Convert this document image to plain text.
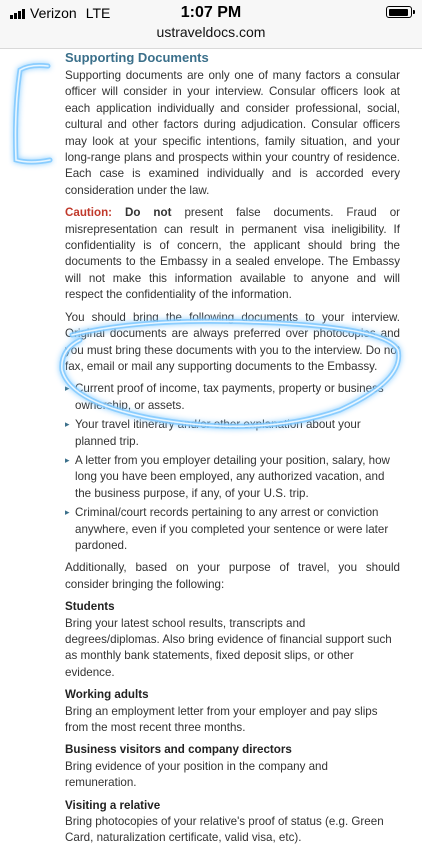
Verizon LTE	1:07 PM
ustraveldocs.com
Supporting Documents

Supporting documents are only one of many factors a consular officer will consider in your interview. Consular officers look at each application individually and consider professional, social, cultural and other factors during adjudication. Consular officers may look at your specific intentions, family situation, and your long-range plans and prospects within your country of residence. Each case is examined individually and is accorded every consideration under the law.

Caution: Do not present false documents. Fraud or misrepresentation can result in permanent visa ineligibility. If confidentiality is of concern, the applicant should bring the documents to the Embassy in a sealed envelope. The Embassy will not make this information available to anyone and will respect the confidentiality of the information.

You should bring the following documents to your interview. Original documents are always preferred over photocopies and you must bring these documents with you to the interview. Do not fax, email or mail any supporting documents to the Embassy.

▸ Current proof of income, tax payments, property or business ownership, or assets.
▸ Your travel itinerary and/or other explanation about your planned trip.
▸ A letter from you employer detailing your position, salary, how long you have been employed, any authorized vacation, and the business purpose, if any, of your U.S. trip.
▸ Criminal/court records pertaining to any arrest or conviction anywhere, even if you completed your sentence or were later pardoned.

Additionally, based on your purpose of travel, you should consider bringing the following:

Students
Bring your latest school results, transcripts and degrees/diplomas. Also bring evidence of financial support such as monthly bank statements, fixed deposit slips, or other evidence.
Working adults
Bring an employment letter from your employer and pay slips from the most recent three months.
Business visitors and company directors
Bring evidence of your position in the company and remuneration.
Visiting a relative
Bring photocopies of your relative's proof of status (e.g. Green Card, naturalization certificate, valid visa, etc).
